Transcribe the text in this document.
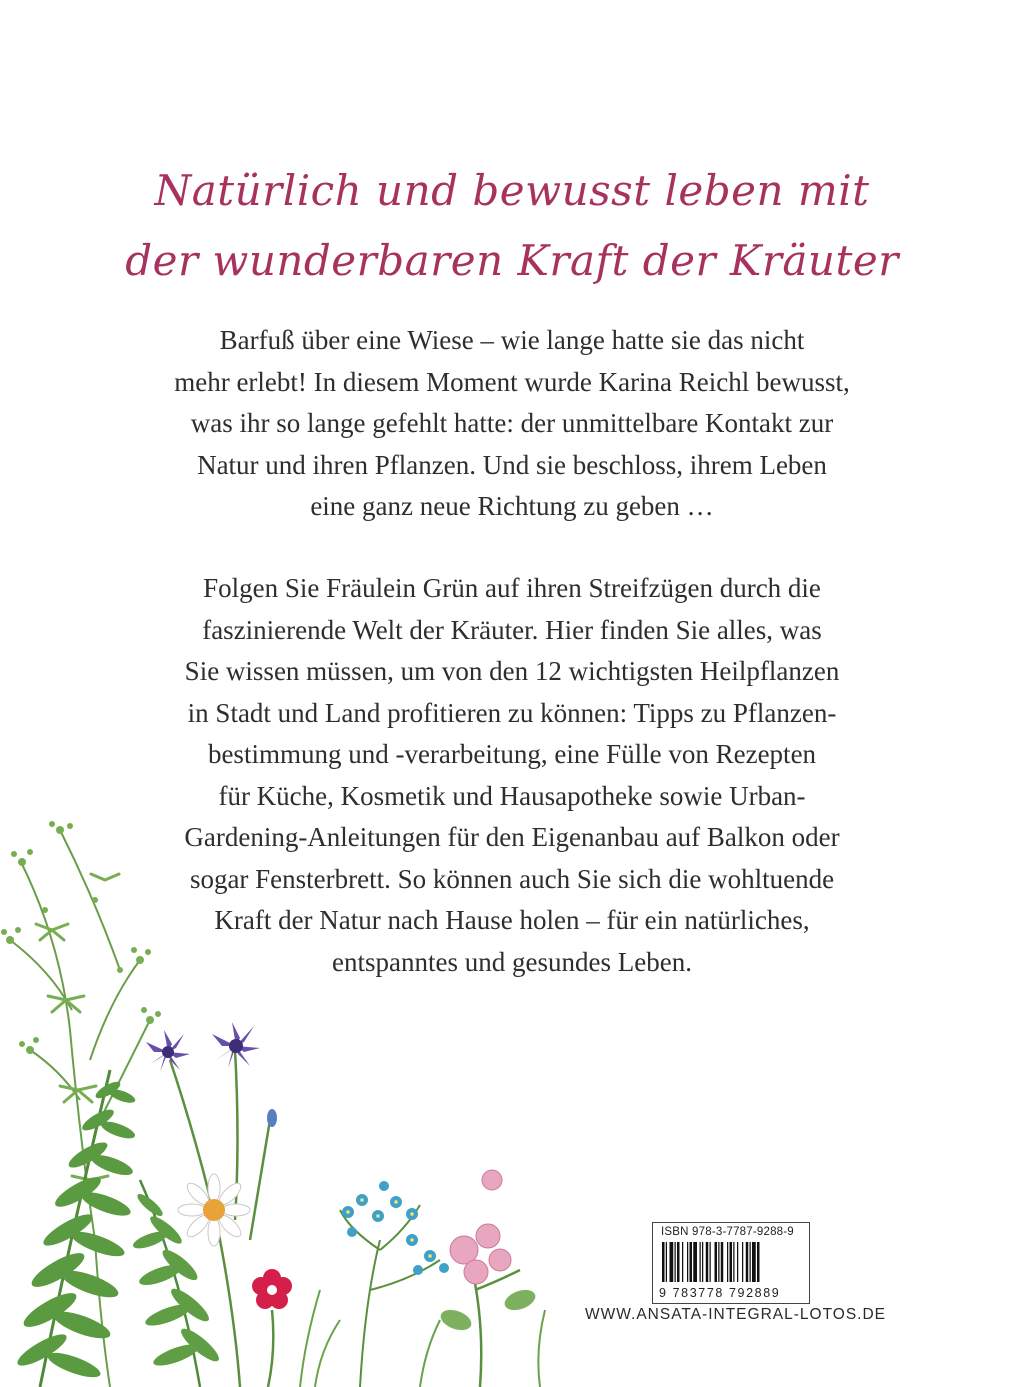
Natürlich und bewusst leben mit
der wunderbaren Kraft der Kräuter
Barfuß über eine Wiese – wie lange hatte sie das nicht
mehr erlebt! In diesem Moment wurde Karina Reichl bewusst,
was ihr so lange gefehlt hatte: der unmittelbare Kontakt zur
Natur und ihren Pflanzen. Und sie beschloss, ihrem Leben
eine ganz neue Richtung zu geben …
Folgen Sie Fräulein Grün auf ihren Streifzügen durch die
faszinierende Welt der Kräuter. Hier finden Sie alles, was
Sie wissen müssen, um von den 12 wichtigsten Heilpflanzen
in Stadt und Land profitieren zu können: Tipps zu Pflanzen-
bestimmung und -verarbeitung, eine Fülle von Rezepten
für Küche, Kosmetik und Hausapotheke sowie Urban-
Gardening-Anleitungen für den Eigenanbau auf Balkon oder
sogar Fensterbrett. So können auch Sie sich die wohltuende
Kraft der Natur nach Hause holen – für ein natürliches,
entspanntes und gesundes Leben.
ISBN 978-3-7787-9288-9
9 783778 792889
WWW.ANSATA-INTEGRAL-LOTOS.DE
